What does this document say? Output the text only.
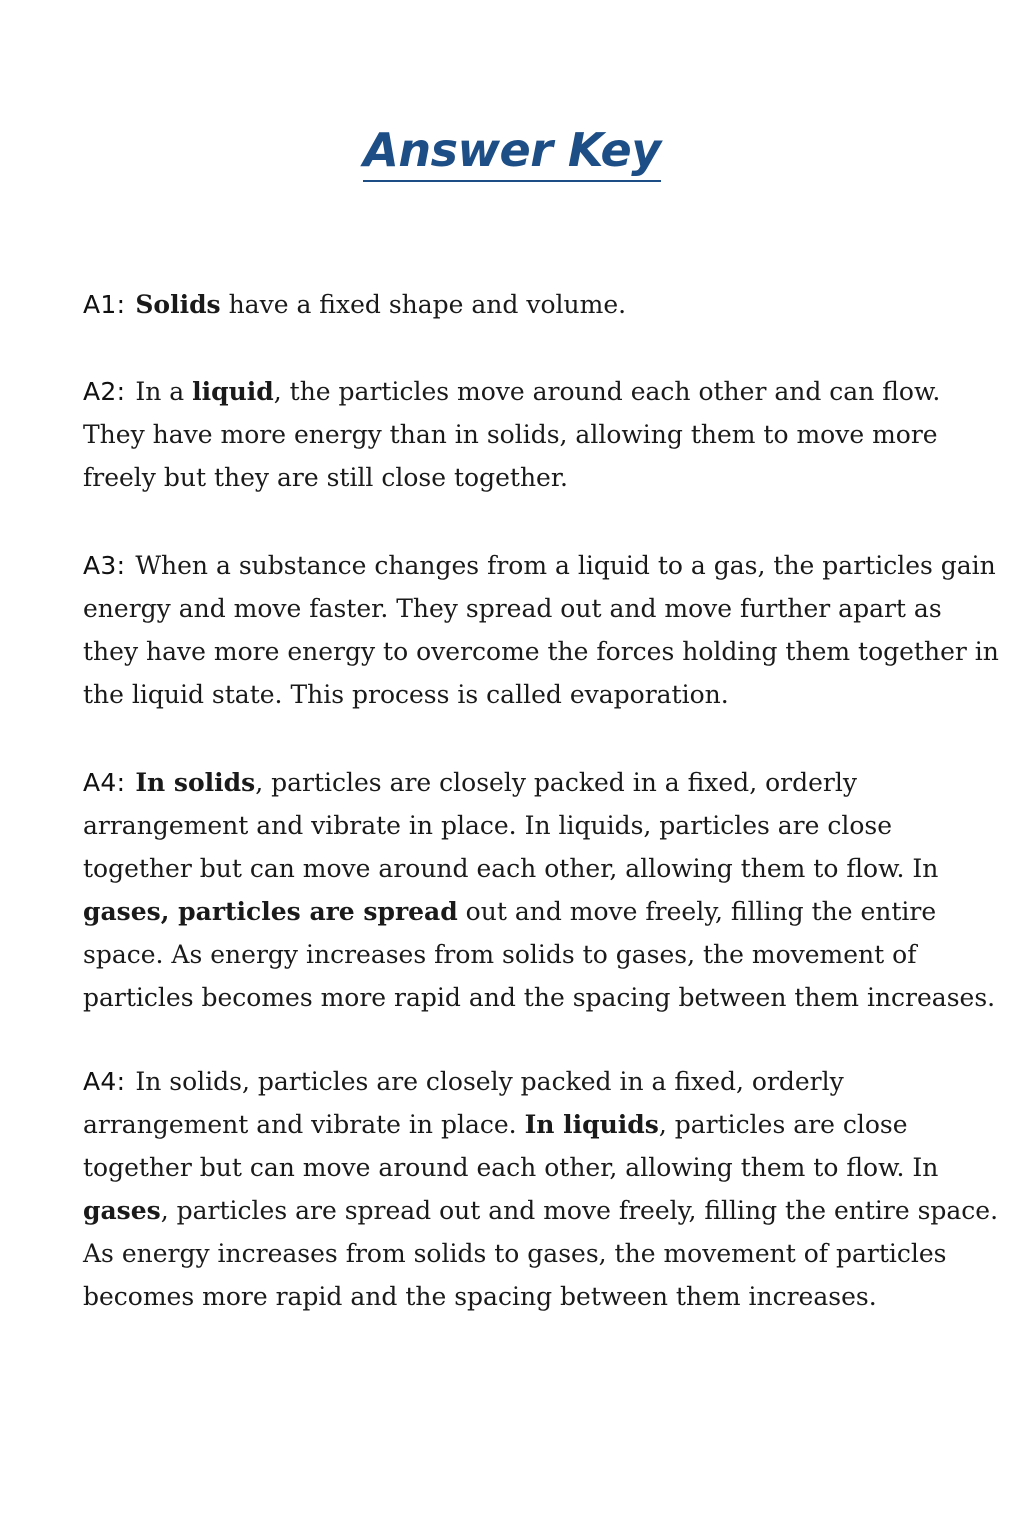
Answer Key

A1: Solids have a fixed shape and volume.

A2: In a liquid, the particles move around each other and can flow. They have more energy than in solids, allowing them to move more freely but they are still close together.

A3: When a substance changes from a liquid to a gas, the particles gain energy and move faster. They spread out and move further apart as they have more energy to overcome the forces holding them together in the liquid state. This process is called evaporation.

A4: In solids, particles are closely packed in a fixed, orderly arrangement and vibrate in place. In liquids, particles are close together but can move around each other, allowing them to flow. In gases, particles are spread out and move freely, filling the entire space. As energy increases from solids to gases, the movement of particles becomes more rapid and the spacing between them increases.

A4: In solids, particles are closely packed in a fixed, orderly arrangement and vibrate in place. In liquids, particles are close together but can move around each other, allowing them to flow. In gases, particles are spread out and move freely, filling the entire space. As energy increases from solids to gases, the movement of particles becomes more rapid and the spacing between them increases.
